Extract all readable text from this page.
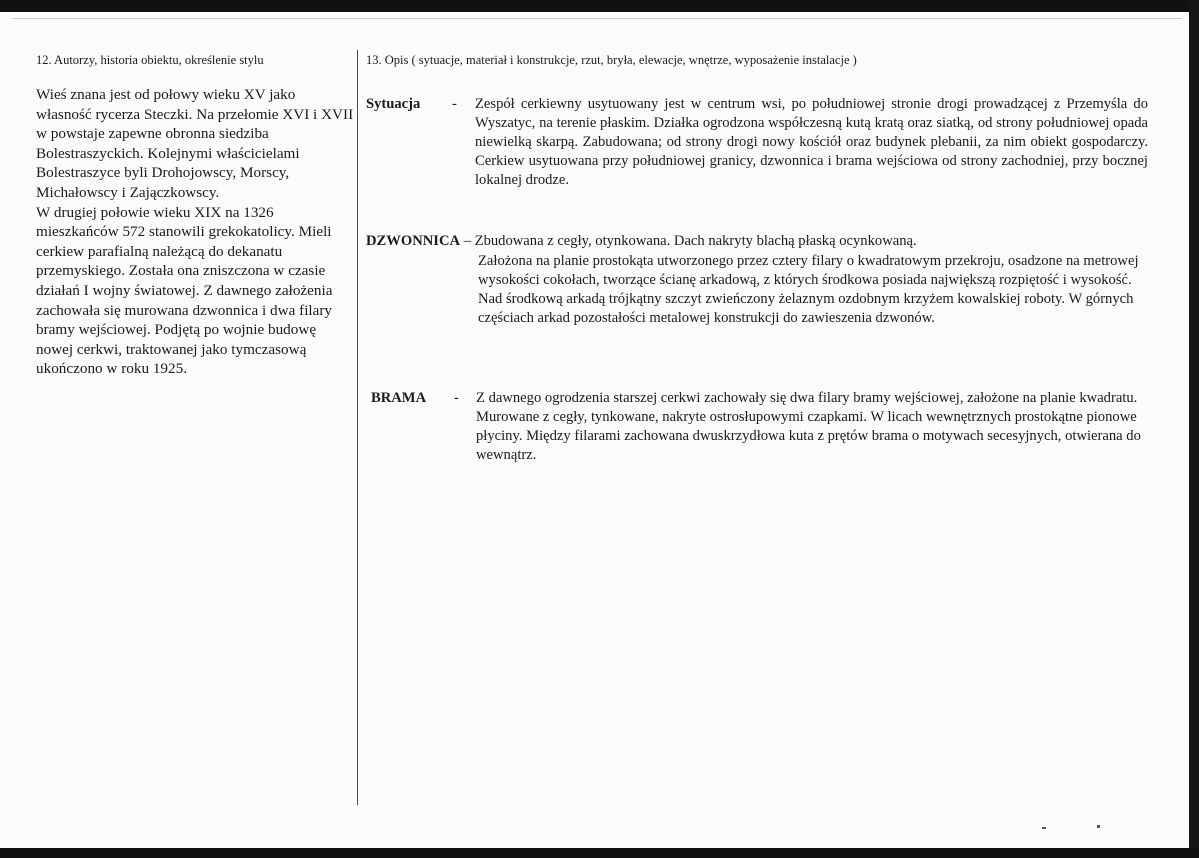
12. Autorzy, historia obiektu, określenie stylu

Wieś znana jest od połowy wieku XV jako własność rycerza Steczki. Na przełomie XVI i XVII w powstaje zapewne obronna siedziba Bolestraszyckich. Kolejnymi właścicielami Bolestraszyce byli Drohojowscy, Morscy, Michałowscy i Zajączkowscy.

W drugiej połowie wieku XIX na 1326 mieszkańców 572 stanowili grekokatolicy. Mieli cerkiew parafialną należącą do dekanatu przemyskiego. Została ona zniszczona w czasie działań I wojny światowej. Z dawnego założenia zachowała się murowana dzwonnica i dwa filary bramy wejściowej. Podjętą po wojnie budowę nowej cerkwi, traktowanej jako tymczasową ukończono w roku 1925.

13. Opis ( sytuacje, materiał i konstrukcje, rzut, bryła, elewacje, wnętrze, wyposażenie instalacje )
Sytuacja - Zespół cerkiewny usytuowany jest w centrum wsi, po południowej stronie drogi prowadzącej z Przemyśla do Wyszatyc, na terenie płaskim. Działka ogrodzona współczesną kutą kratą oraz siatką, od strony południowej opada niewielką skarpą. Zabudowana; od strony drogi nowy kościół oraz budynek plebanii, za nim obiekt gospodarczy. Cerkiew usytuowana przy południowej granicy, dzwonnica i brama wejściowa od strony zachodniej, przy bocznej lokalnej drodze.
DZWONNICA – Zbudowana z cegły, otynkowana. Dach nakryty blachą płaską ocynkowaną.
Założona na planie prostokąta utworzonego przez cztery filary o kwadratowym przekroju, osadzone na metrowej wysokości cokołach, tworzące ścianę arkadową, z których środkowa posiada największą rozpiętość i wysokość. Nad środkową arkadą trójkątny szczyt zwieńczony żelaznym ozdobnym krzyżem kowalskiej roboty. W górnych częściach arkad pozostałości metalowej konstrukcji do zawieszenia dzwonów.
BRAMA - Z dawnego ogrodzenia starszej cerkwi zachowały się dwa filary bramy wejściowej, założone na planie kwadratu. Murowane z cegły, tynkowane, nakryte ostrosłupowymi czapkami. W licach wewnętrznych prostokątne pionowe płyciny. Między filarami zachowana dwuskrzydłowa kuta z prętów brama o motywach secesyjnych, otwierana do wewnątrz.
